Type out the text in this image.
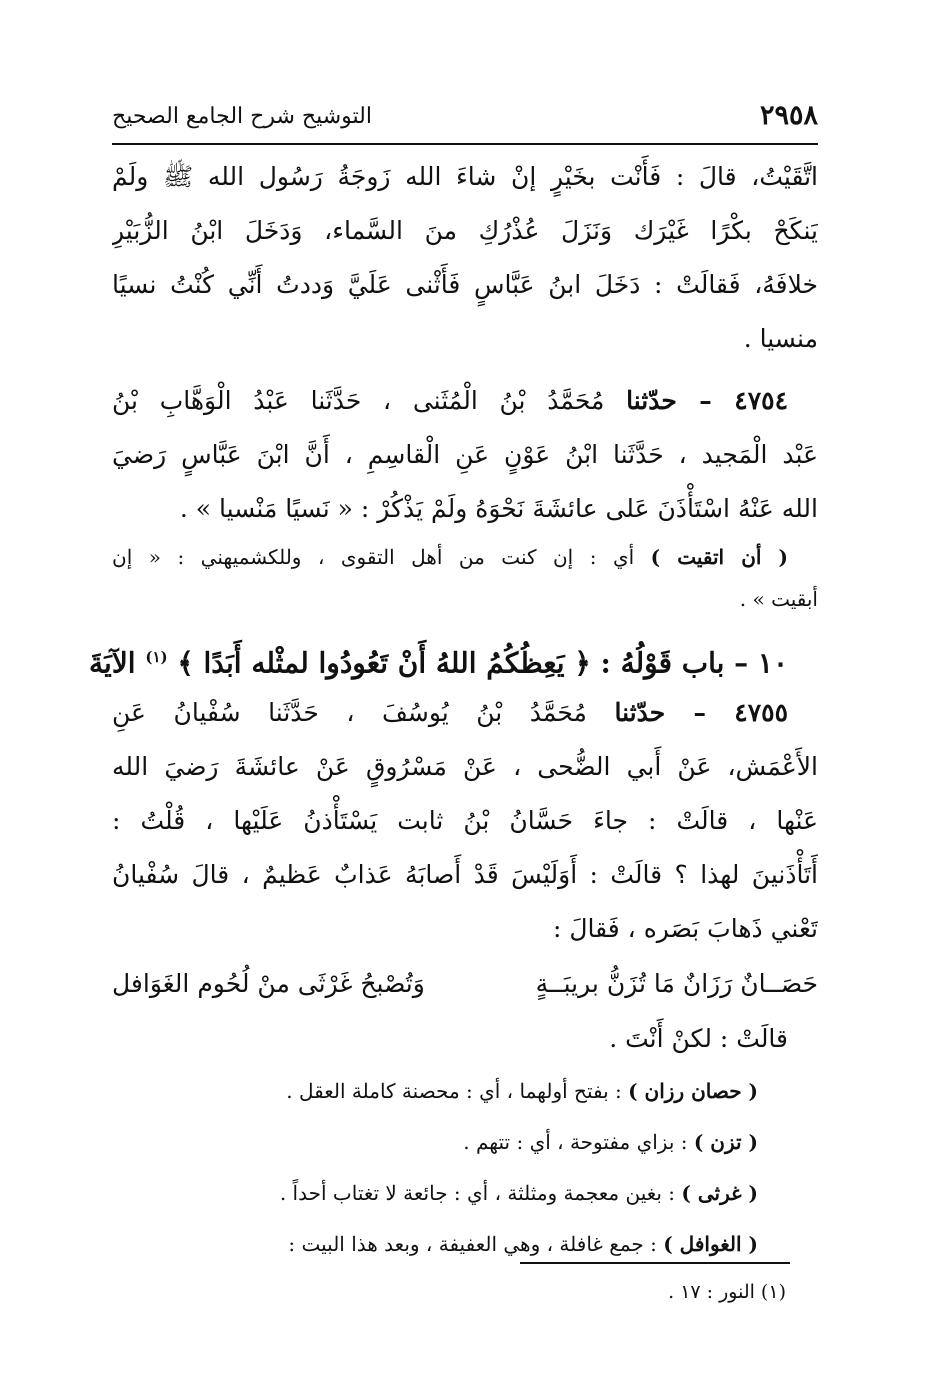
٢٩٥٨
التوشيح شرح الجامع الصحيح
اتَّقَيْتُ، قالَ : فَأَنْت بخَيْرٍ إنْ شاءَ الله زَوجَةُ رَسُول الله ﷺ ولَمْ
يَنكَحْ بكْرًا غَيْرَك وَنَزَلَ عُذْرُكِ منَ السَّماء، وَدَخَلَ ابْنُ الزُّبَيْرِ
خلافَهُ، فَقالَتْ : دَخَلَ ابنُ عَبَّاسٍ فَأَثْنى عَلَيَّ وَددتُ أَنِّي كُنْتُ نسيًا
منسيا .
٤٧٥٤ – حدّثنا مُحَمَّدُ بْنُ الْمُثَنى ، حَدَّثَنا عَبْدُ الْوَهَّابِ بْنُ
عَبْد الْمَجيد ، حَدَّثَنا ابْنُ عَوْنٍ عَنِ الْقاسِمِ ، أَنَّ ابْنَ عَبَّاسٍ رَضيَ
الله عَنْهُ اسْتَأْذَنَ عَلى عائشَةَ نَحْوَهُ ولَمْ يَذْكُرْ : « نَسيًا مَنْسيا » .
( أن اتقيت ) أي : إن كنت من أهل التقوى ، وللكشميهني : « إن
أبقيت » .
١٠ – باب قَوْلُهُ : ﴿ يَعِظُكُمُ اللهُ أَنْ تَعُودُوا لمثْله أَبَدًا ﴾ $^{(١)}$ الآيَةَ
٤٧٥٥ – حدّثنا مُحَمَّدُ بْنُ يُوسُفَ ، حَدَّثَنا سُفْيانُ عَنِ
الأَعْمَش، عَنْ أَبي الضُّحى ، عَنْ مَسْرُوقٍ عَنْ عائشَةَ رَضيَ الله
عَنْها ، قالَتْ : جاءَ حَسَّانُ بْنُ ثابت يَسْتَأْذنُ عَلَيْها ، قُلْتُ :
أَتَأْذَنينَ لهذا ؟ قالَتْ : أَوَلَيْسَ قَدْ أَصابَهُ عَذابٌ عَظيمٌ ، قالَ سُفْيانُ
تَعْني ذَهابَ بَصَره ، فَقالَ :
حَصَــانٌ رَزَانٌ مَا تُزَنُّ بريبَــةٍ
وَتُصْبحُ غَرْثَى منْ لُحُوم الغَوَافل
قالَتْ : لكنْ أَنْتَ .
( حصان رزان ) : بفتح أولهما ، أي : محصنة كاملة العقل .
( تزن ) : بزاي مفتوحة ، أي : تتهم .
( غرثى ) : بغين معجمة ومثلثة ، أي : جائعة لا تغتاب أحداً .
( الغوافل ) : جمع غافلة ، وهي العفيفة ، وبعد هذا البيت :
(١) النور : ١٧ .
